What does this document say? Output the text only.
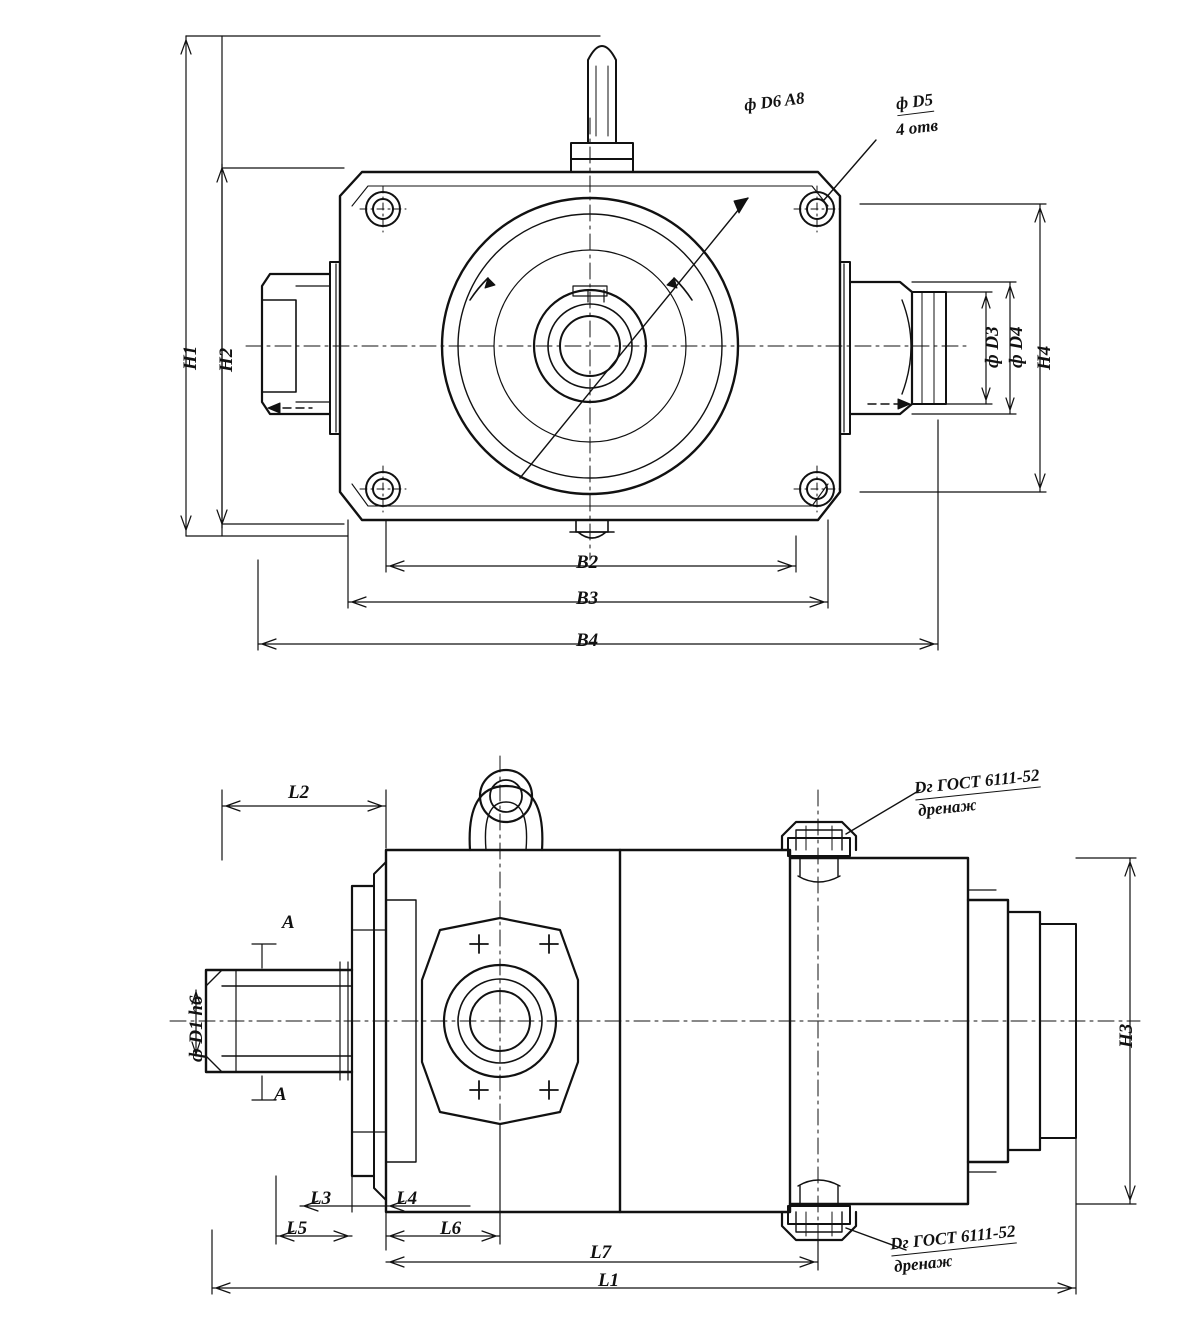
H1 H2	H4
ф D3 ф D4
B2
B3
B4
ф D6 A8	ф D5
4 отв
L2
L3	L4
L5	L6
L7
L1
H3
ф D1 h6
A
A
Dг ГОСТ 6111-52
дренаж
Dг ГОСТ 6111-52
дренаж
